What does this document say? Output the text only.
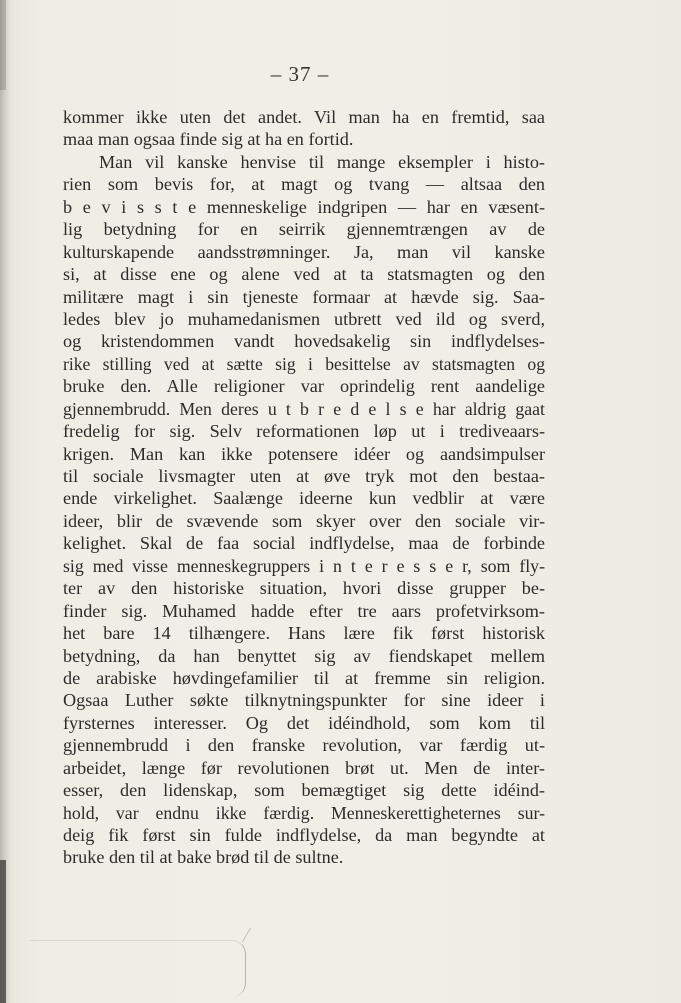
– 37 –
kommer ikke uten det andet. Vil man ha en fremtid, saa
maa man ogsaa finde sig at ha en fortid.
Man vil kanske henvise til mange eksempler i histo-
rien som bevis for, at magt og tvang — altsaa den
b e v i s s t e menneskelige indgripen — har en væsent-
lig betydning for en seirrik gjennemtrængen av de
kulturskapende aandsstrømninger. Ja, man vil kanske
si, at disse ene og alene ved at ta statsmagten og den
militære magt i sin tjeneste formaar at hævde sig. Saa-
ledes blev jo muhamedanismen utbrett ved ild og sverd,
og kristendommen vandt hovedsakelig sin indflydelses-
rike stilling ved at sætte sig i besittelse av statsmagten og
bruke den. Alle religioner var oprindelig rent aandelige
gjennembrudd. Men deres u t b r e d e l s e har aldrig gaat
fredelig for sig. Selv reformationen løp ut i trediveaars-
krigen. Man kan ikke potensere idéer og aandsimpulser
til sociale livsmagter uten at øve tryk mot den bestaa-
ende virkelighet. Saalænge ideerne kun vedblir at være
ideer, blir de svævende som skyer over den sociale vir-
kelighet. Skal de faa social indflydelse, maa de forbinde
sig med visse menneskegruppers i n t e r e s s e r, som fly-
ter av den historiske situation, hvori disse grupper be-
finder sig. Muhamed hadde efter tre aars profetvirksom-
het bare 14 tilhængere. Hans lære fik først historisk
betydning, da han benyttet sig av fiendskapet mellem
de arabiske høvdingefamilier til at fremme sin religion.
Ogsaa Luther søkte tilknytningspunkter for sine ideer i
fyrsternes interesser. Og det idéindhold, som kom til
gjennembrudd i den franske revolution, var færdig ut-
arbeidet, længe før revolutionen brøt ut. Men de inter-
esser, den lidenskap, som bemægtiget sig dette idéind-
hold, var endnu ikke færdig. Menneskerettigheternes sur-
deig fik først sin fulde indflydelse, da man begyndte at
bruke den til at bake brød til de sultne.
